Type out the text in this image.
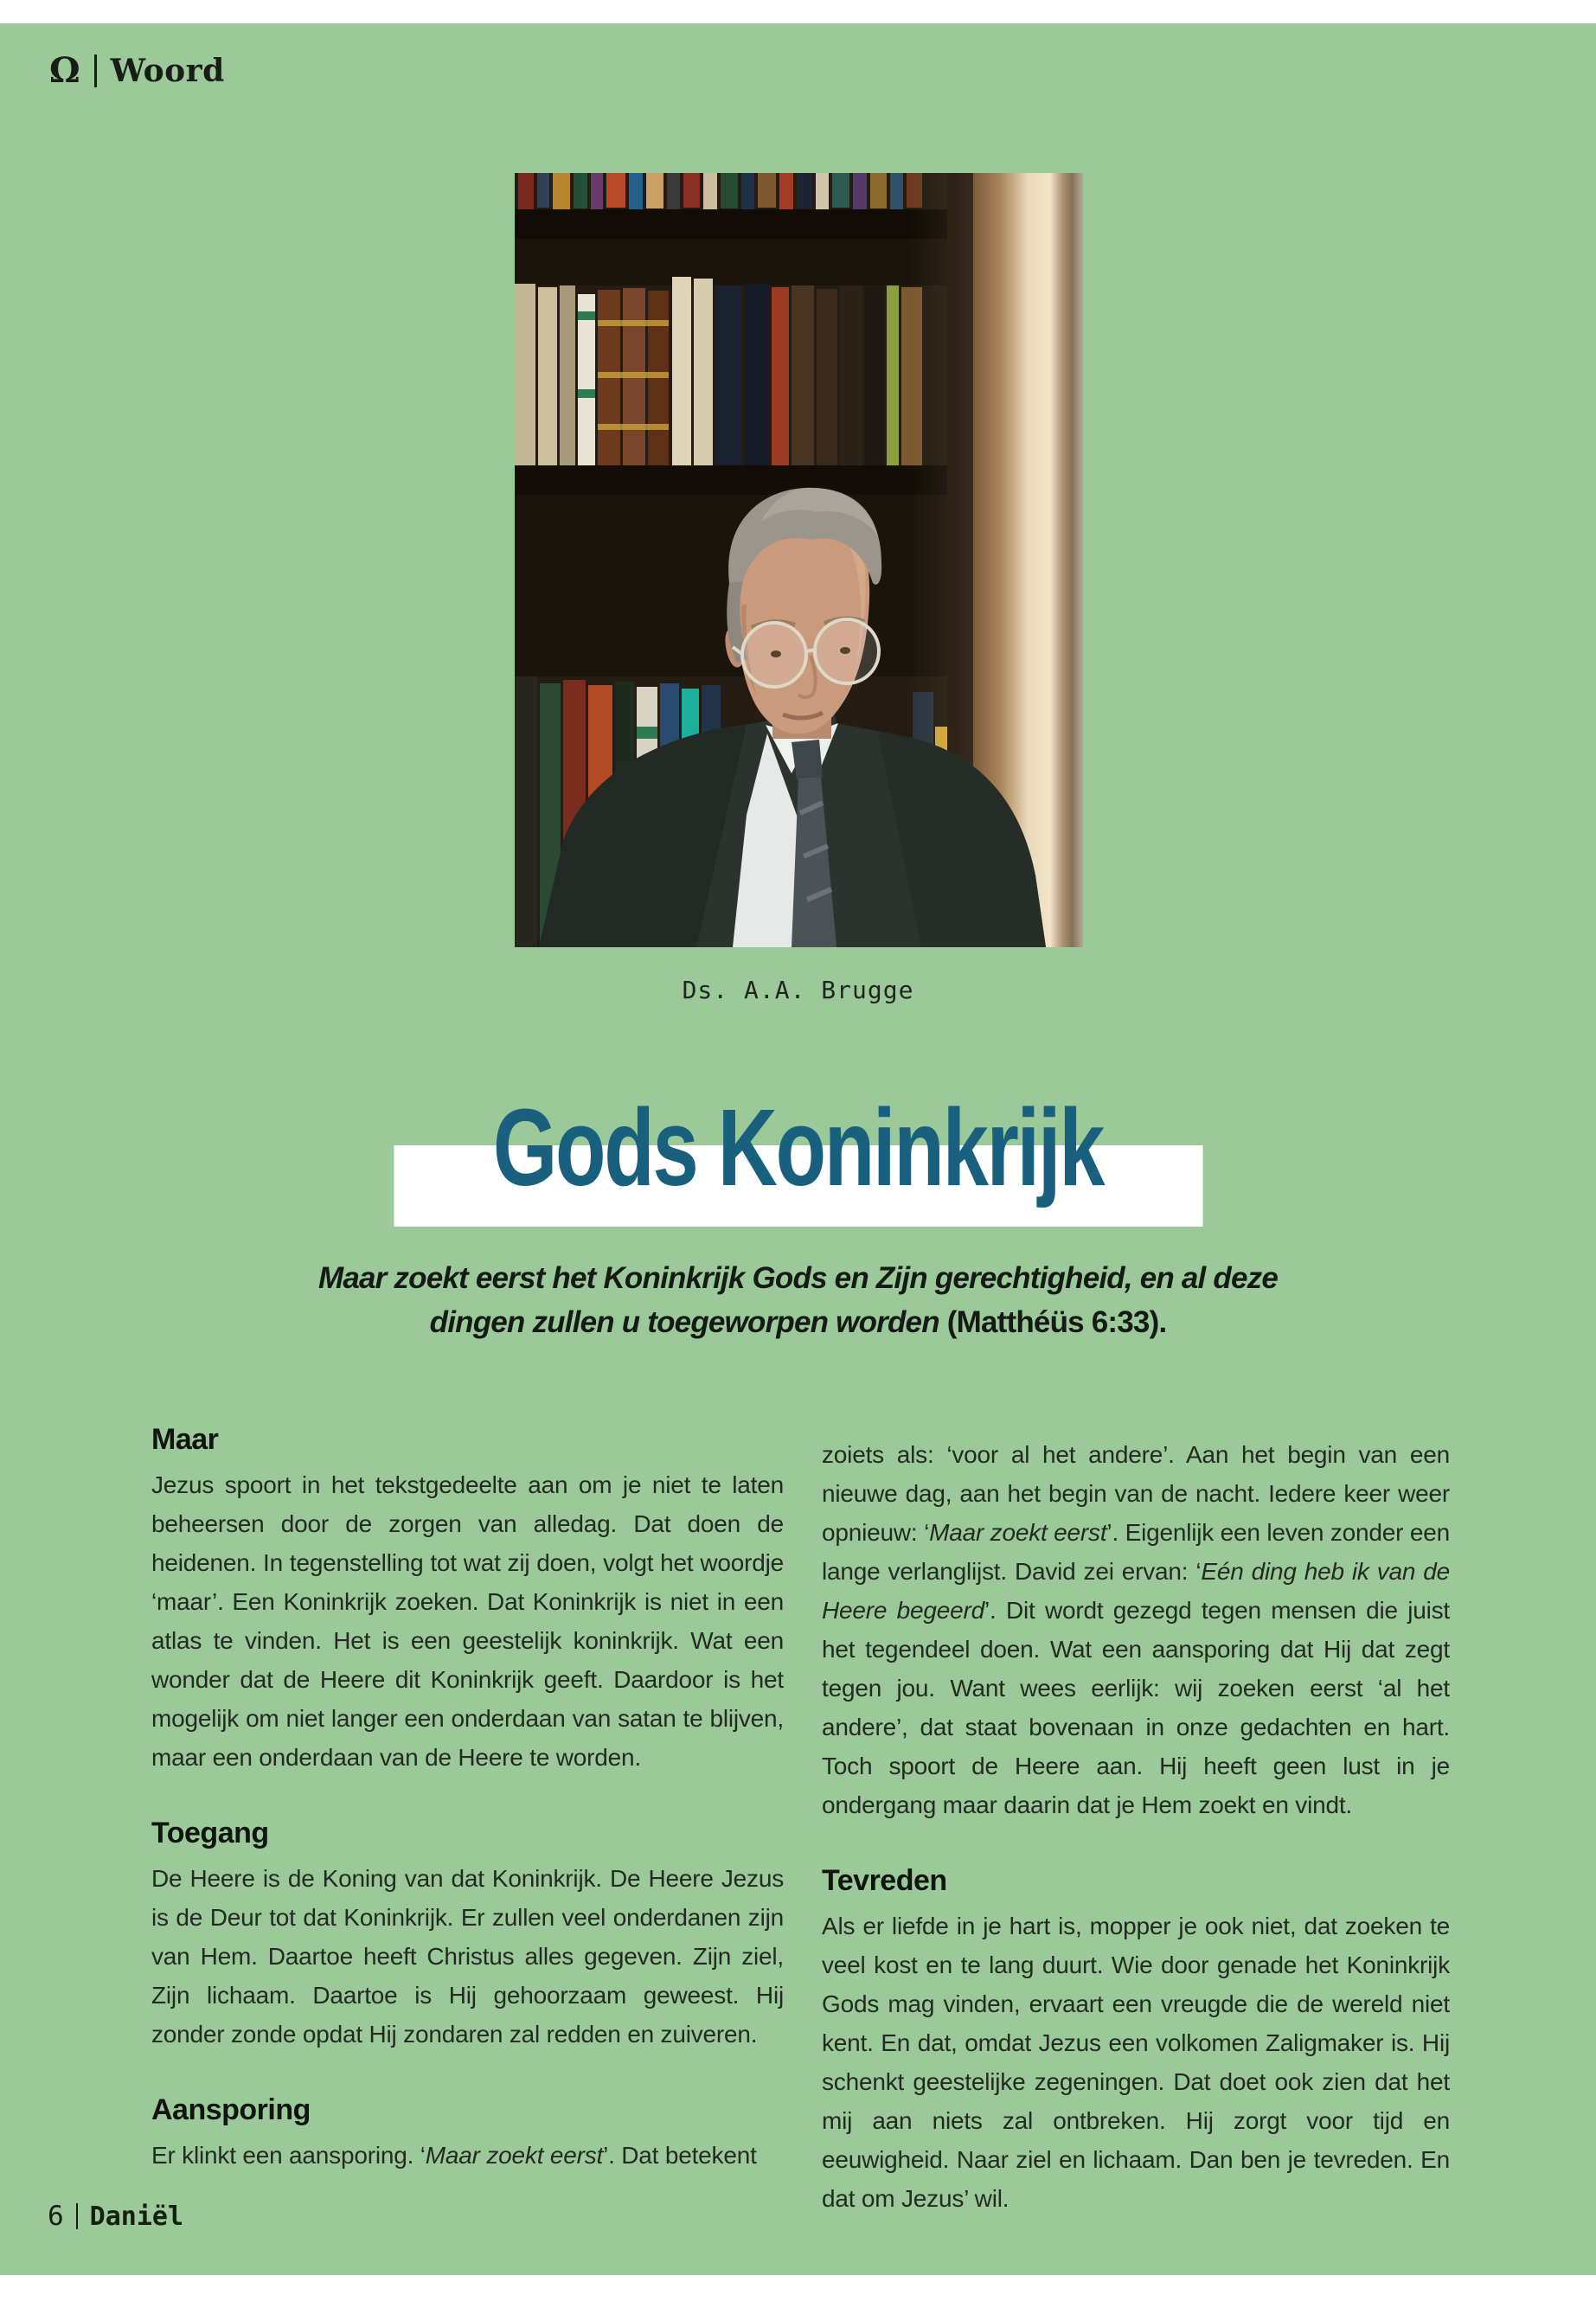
Ω Woord
Ds. A.A. Brugge
Gods Koninkrijk

Maar zoekt eerst het Koninkrijk Gods en Zijn gerechtigheid, en al deze

dingen zullen u toegeworpen worden (Matthéüs 6:33).

Maar

Jezus spoort in het tekstgedeelte aan om je niet te laten beheersen door de zorgen van alledag. Dat doen de heidenen. In tegenstelling tot wat zij doen, volgt het woordje ‘maar’. Een Koninkrijk zoeken. Dat Koninkrijk is niet in een atlas te vinden. Het is een geestelijk koninkrijk. Wat een wonder dat de Heere dit Koninkrijk geeft. Daardoor is het mogelijk om niet langer een onderdaan van satan te blijven, maar een onderdaan van de Heere te worden.

Toegang

De Heere is de Koning van dat Koninkrijk. De Heere Jezus is de Deur tot dat Koninkrijk. Er zullen veel onderdanen zijn van Hem. Daartoe heeft Christus alles gegeven. Zijn ziel, Zijn lichaam. Daartoe is Hij gehoorzaam geweest. Hij zonder zonde opdat Hij zondaren zal redden en zuiveren.

Aansporing

Er klinkt een aansporing. ‘Maar zoekt eerst’. Dat betekent

zoiets als: ‘voor al het andere’. Aan het begin van een nieuwe dag, aan het begin van de nacht. Iedere keer weer opnieuw: ‘Maar zoekt eerst’. Eigenlijk een leven zonder een lange verlanglijst. David zei ervan: ‘Eén ding heb ik van de Heere begeerd’. Dit wordt gezegd tegen mensen die juist het tegendeel doen. Wat een aansporing dat Hij dat zegt tegen jou. Want wees eerlijk: wij zoeken eerst ‘al het andere’, dat staat bovenaan in onze gedachten en hart. Toch spoort de Heere aan. Hij heeft geen lust in je ondergang maar daarin dat je Hem zoekt en vindt.

Tevreden

Als er liefde in je hart is, mopper je ook niet, dat zoeken te veel kost en te lang duurt. Wie door genade het Koninkrijk Gods mag vinden, ervaart een vreugde die de wereld niet kent. En dat, omdat Jezus een volkomen Zaligmaker is. Hij schenkt geestelijke zegeningen. Dat doet ook zien dat het mij aan niets zal ontbreken. Hij zorgt voor tijd en eeuwigheid. Naar ziel en lichaam. Dan ben je tevreden. En dat om Jezus’ wil.

6 Daniël
